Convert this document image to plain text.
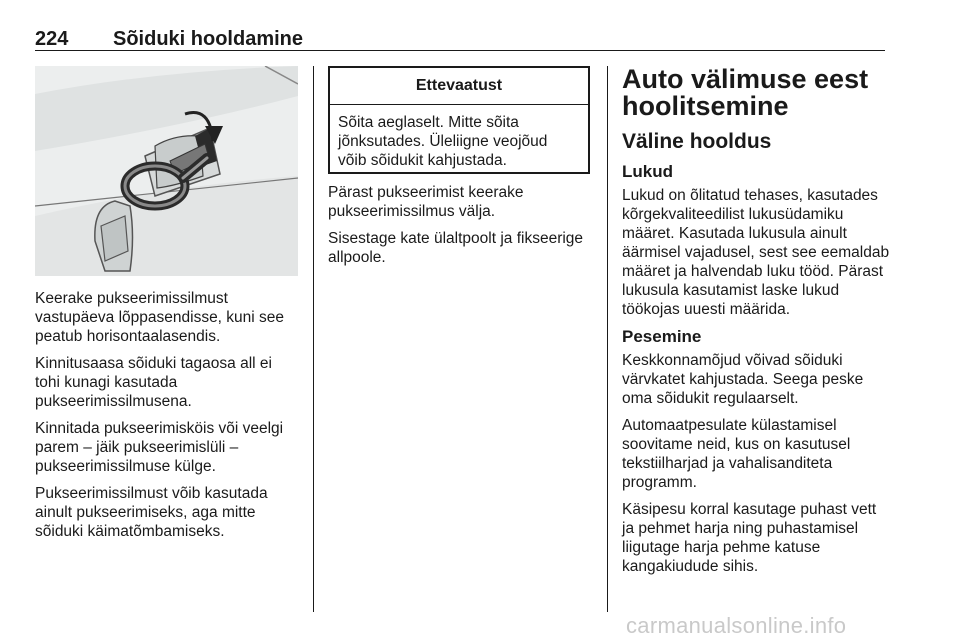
224 Sõiduki hooldamine

Keerake pukseerimissilmust vastupäeva lõppasendisse, kuni see peatub horisontaalasendis.

Kinnitusaasa sõiduki tagaosa all ei tohi kunagi kasutada pukseerimissilmusena.

Kinnitada pukseerimisköis või veelgi parem – jäik pukseerimislüli – pukseerimissilmuse külge.

Pukseerimissilmust võib kasutada ainult pukseerimiseks, aga mitte sõiduki käimatõmbamiseks.

Ettevaatust
Sõita aeglaselt. Mitte sõita jõnksutades. Üleliigne veojõud võib sõidukit kahjustada.

Pärast pukseerimist keerake pukseerimissilmus välja.

Sisestage kate ülaltpoolt ja fikseerige allpoole.

Auto välimuse eest hoolitsemine
Väline hooldus
Lukud

Lukud on õlitatud tehases, kasutades kõrgekvaliteedilist lukusüdamiku määret. Kasutada lukusula ainult äärmisel vajadusel, sest see eemaldab määret ja halvendab luku tööd. Pärast lukusula kasutamist laske lukud töökojas uuesti määrida.

Pesemine

Keskkonnamõjud võivad sõiduki värvkatet kahjustada. Seega peske oma sõidukit regulaarselt.

Automaatpesulate külastamisel soovitame neid, kus on kasutusel tekstiilharjad ja vahalisanditeta programm.

Käsipesu korral kasutage puhast vett ja pehmet harja ning puhastamisel liigutage harja pehme katuse kangakiudude sihis.

carmanualsonline.info
